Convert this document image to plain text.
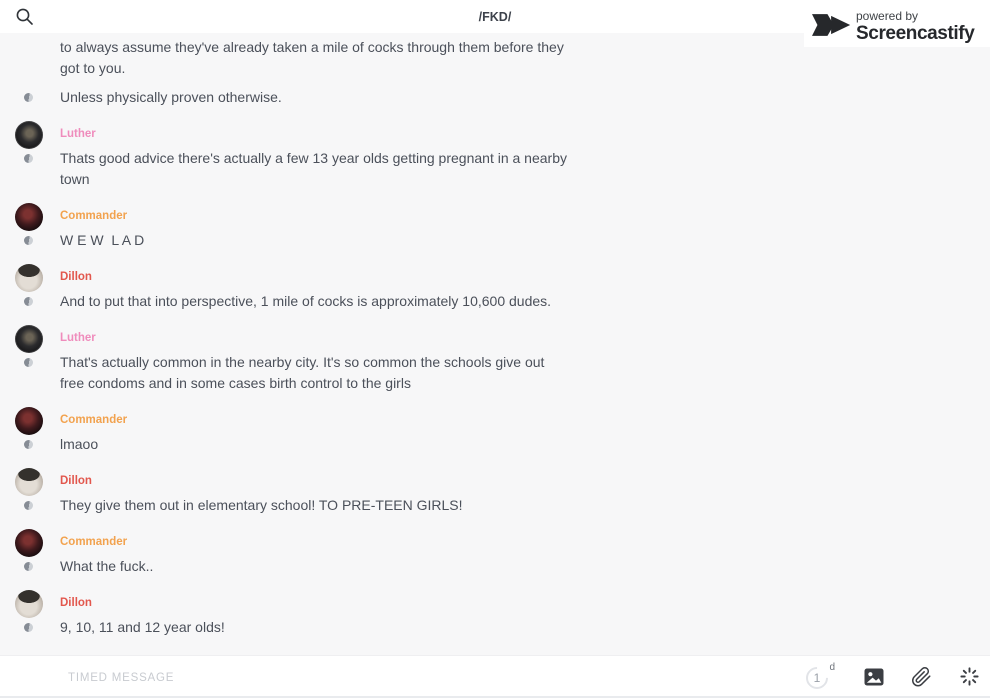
/FKD/	powered by
Screencastify

to always assume they've already taken a mile of cocks through them before they got to you.

Unless physically proven otherwise.

Luther

Thats good advice there's actually a few 13 year olds getting pregnant in a nearby town

Commander

W E W  L A D

Dillon

And to put that into perspective, 1 mile of cocks is approximately 10,600 dudes.

Luther

That's actually common in the nearby city. It's so common the schools give out free condoms and in some cases birth control to the girls

Commander

lmaoo

Dillon

They give them out in elementary school! TO PRE-TEEN GIRLS!

Commander

What the fuck..

Dillon

9, 10, 11 and 12 year olds!

TIMED MESSAGE
1
d
